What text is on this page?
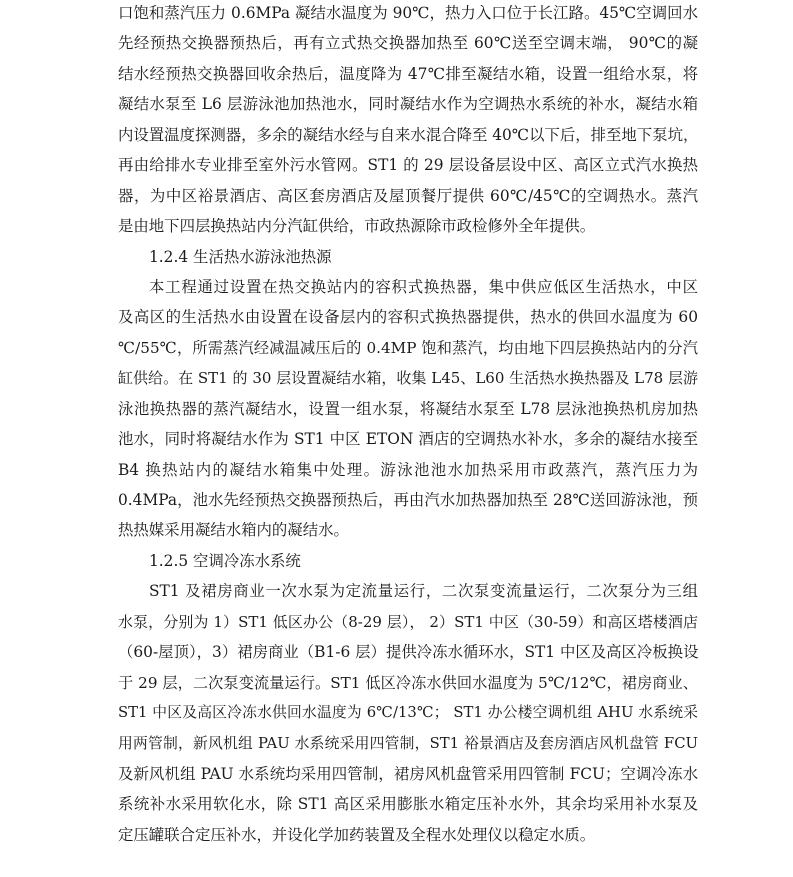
口饱和蒸汽压力 0.6MPa 凝结水温度为 90℃，热力入口位于长江路。45℃空调回水
先经预热交换器预热后，再有立式热交换器加热至 60℃送至空调末端， 90℃的凝
结水经预热交换器回收余热后，温度降为 47℃排至凝结水箱，设置一组给水泵，将
凝结水泵至 L6 层游泳池加热池水，同时凝结水作为空调热水系统的补水，凝结水箱
内设置温度探测器，多余的凝结水经与自来水混合降至 40℃以下后，排至地下泵坑，
再由给排水专业排至室外污水管网。ST1 的 29 层设备层设中区、高区立式汽水换热
器，为中区裕景酒店、高区套房酒店及屋顶餐厅提供 60℃/45℃的空调热水。蒸汽
是由地下四层换热站内分汽缸供给，市政热源除市政检修外全年提供。
1.2.4 生活热水游泳池热源
本工程通过设置在热交换站内的容积式换热器，集中供应低区生活热水，中区
及高区的生活热水由设置在设备层内的容积式换热器提供，热水的供回水温度为 60
℃/55℃，所需蒸汽经减温减压后的 0.4MP 饱和蒸汽，均由地下四层换热站内的分汽
缸供给。在 ST1 的 30 层设置凝结水箱，收集 L45、L60 生活热水换热器及 L78 层游
泳池换热器的蒸汽凝结水，设置一组水泵，将凝结水泵至 L78 层泳池换热机房加热
池水，同时将凝结水作为 ST1 中区 ETON 酒店的空调热水补水，多余的凝结水接至
B4 换热站内的凝结水箱集中处理。游泳池池水加热采用市政蒸汽，蒸汽压力为
0.4MPa，池水先经预热交换器预热后，再由汽水加热器加热至 28℃送回游泳池，预
热热媒采用凝结水箱内的凝结水。
1.2.5 空调冷冻水系统
ST1 及裙房商业一次水泵为定流量运行，二次泵变流量运行，二次泵分为三组
水泵，分别为 1）ST1 低区办公（8-29 层）， 2）ST1 中区（30-59）和高区塔楼酒店
（60-屋顶），3）裙房商业（B1-6 层）提供冷冻水循环水，ST1 中区及高区冷板换设
于 29 层，二次泵变流量运行。ST1 低区冷冻水供回水温度为 5℃/12℃，裙房商业、
ST1 中区及高区冷冻水供回水温度为 6℃/13℃； ST1 办公楼空调机组 AHU 水系统采
用两管制，新风机组 PAU 水系统采用四管制，ST1 裕景酒店及套房酒店风机盘管 FCU
及新风机组 PAU 水系统均采用四管制，裙房风机盘管采用四管制 FCU；空调冷冻水
系统补水采用软化水，除 ST1 高区采用膨胀水箱定压补水外，其余均采用补水泵及
定压罐联合定压补水，并设化学加药装置及全程水处理仪以稳定水质。
